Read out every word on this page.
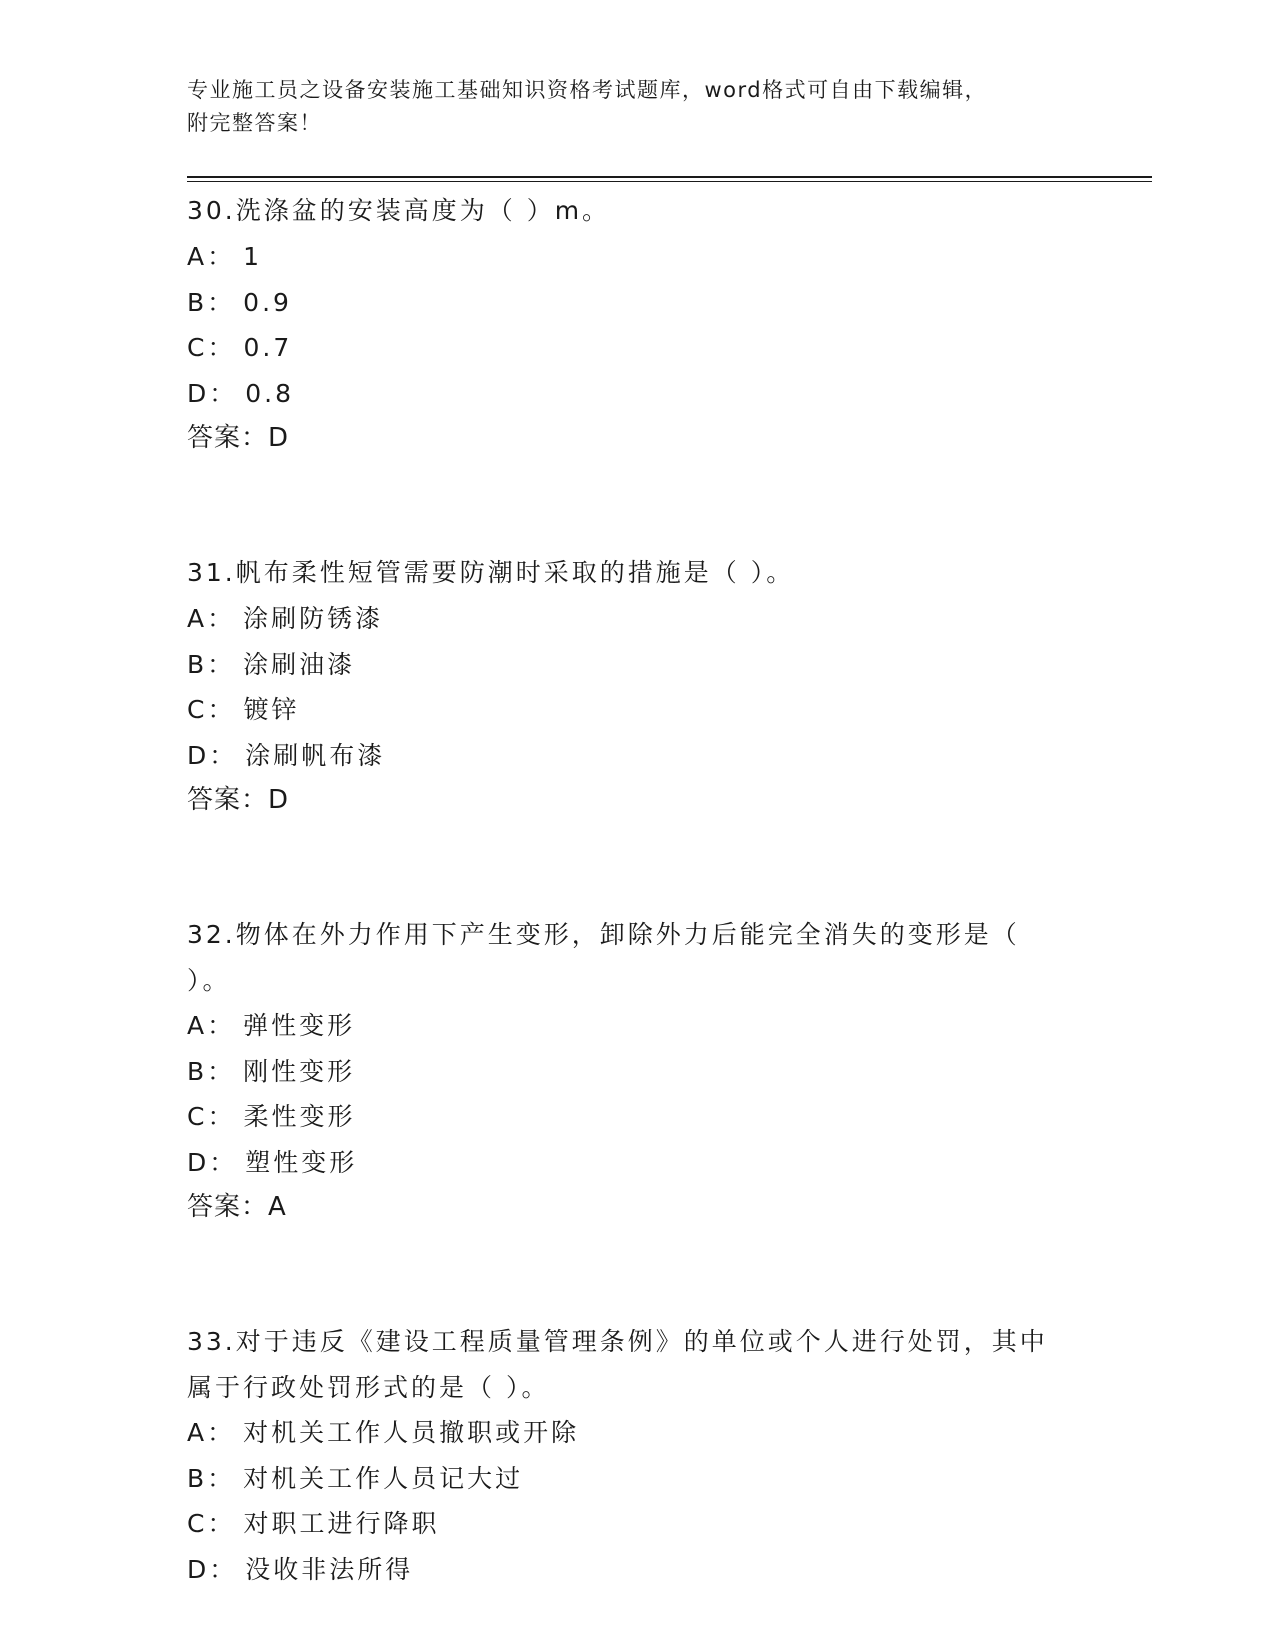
专业施工员之设备安装施工基础知识资格考试题库，word格式可自由下载编辑，
附完整答案！
30.洗涤盆的安装高度为（ ）m。
A： 1
B： 0.9
C： 0.7
D： 0.8
答案：D
31.帆布柔性短管需要防潮时采取的措施是（ ）。
A： 涂刷防锈漆
B： 涂刷油漆
C： 镀锌
D： 涂刷帆布漆
答案：D
32.物体在外力作用下产生变形，卸除外力后能完全消失的变形是（
）。
A： 弹性变形
B： 刚性变形
C： 柔性变形
D： 塑性变形
答案：A
33.对于违反《建设工程质量管理条例》的单位或个人进行处罚，其中
属于行政处罚形式的是（ ）。
A： 对机关工作人员撤职或开除
B： 对机关工作人员记大过
C： 对职工进行降职
D： 没收非法所得
